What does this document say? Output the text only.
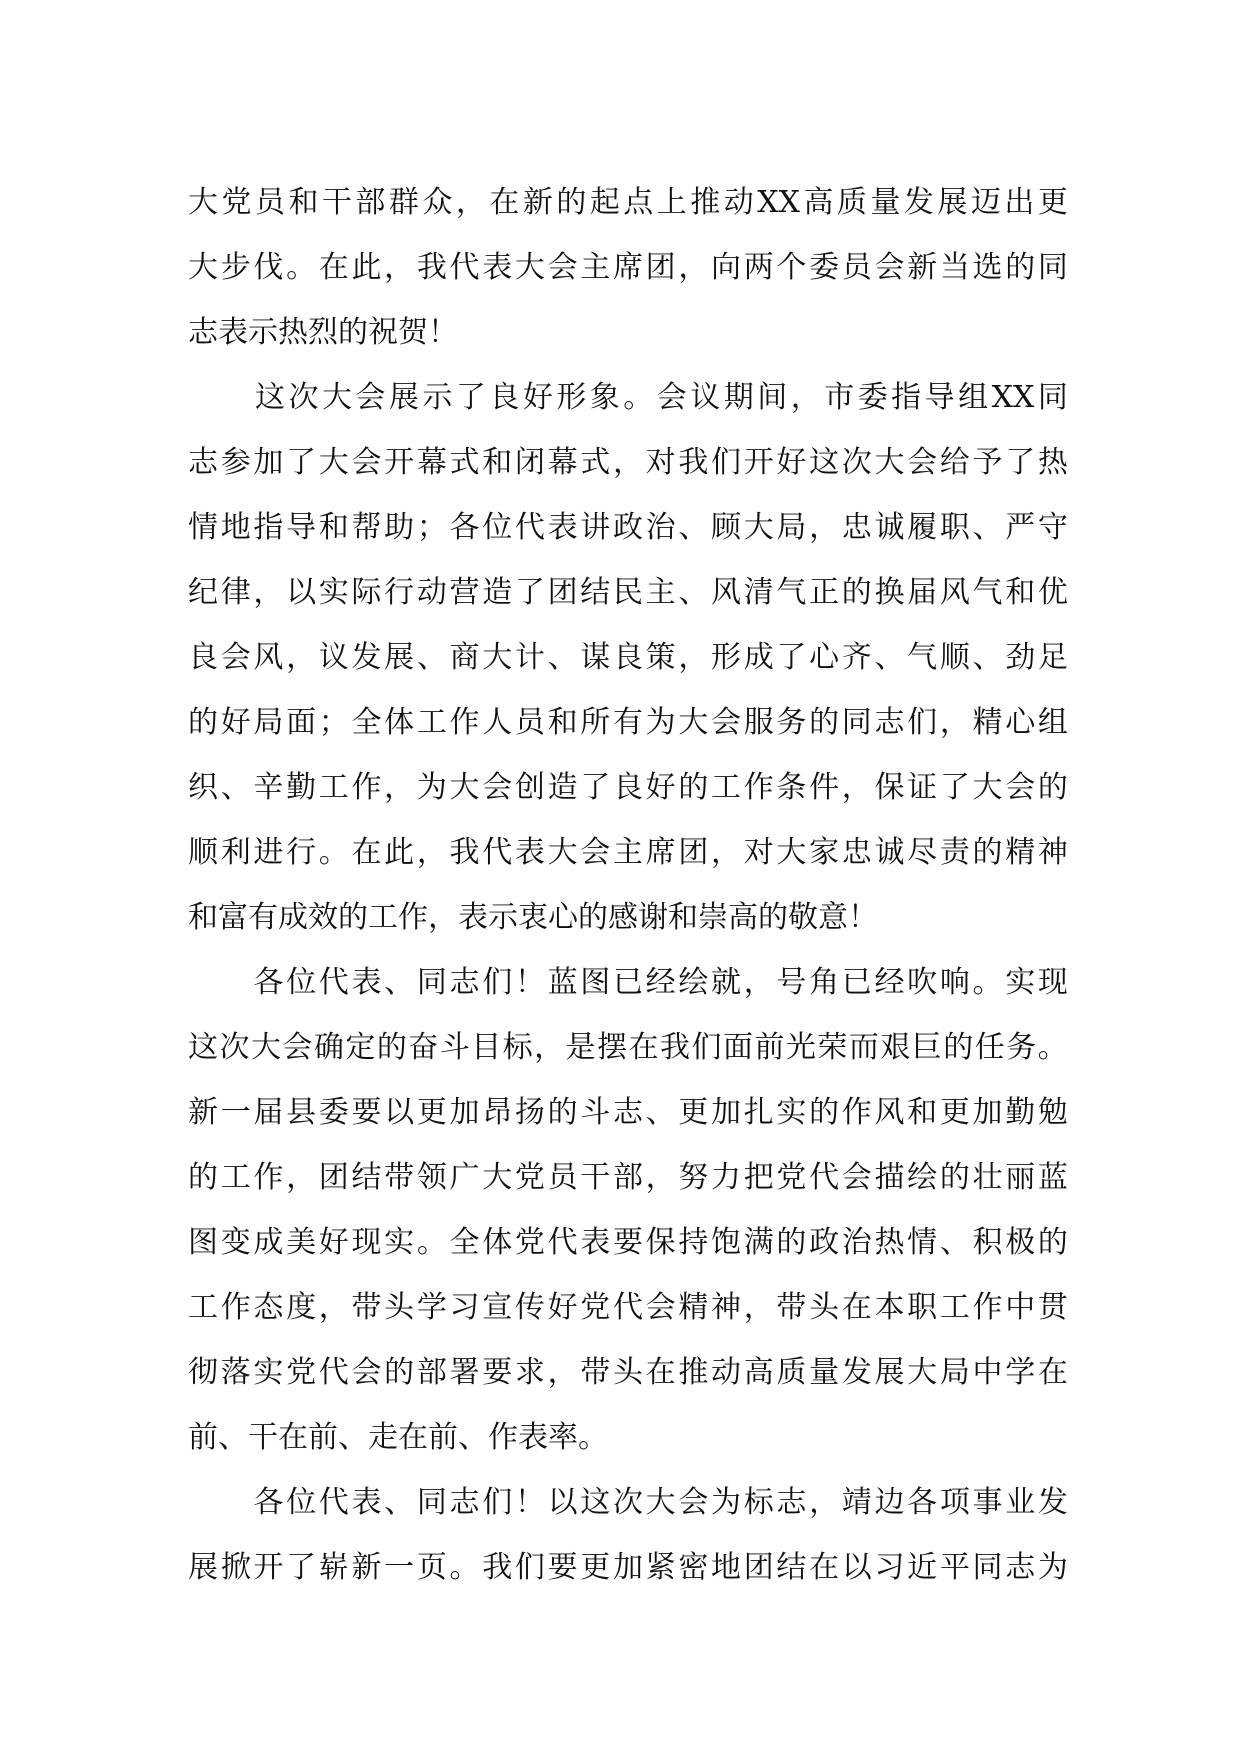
大 党 员 和 干 部 群 众 ， 在 新 的 起 点 上 推 动 XX 高 质 量 发 展 迈 出 更
大 步 伐 。 在 此 ， 我 代 表 大 会 主 席 团 ， 向 两 个 委 员 会 新 当 选 的 同
志 表 示 热 烈 的 祝 贺 ！

这 次 大 会 展 示 了 良 好 形 象 。 会 议 期 间 ， 市 委 指 导 组 XX 同
志 参 加 了 大 会 开 幕 式 和 闭 幕 式 ， 对 我 们 开 好 这 次 大 会 给 予 了 热
情 地 指 导 和 帮 助 ； 各 位 代 表 讲 政 治 、 顾 大 局 ， 忠 诚 履 职 、 严 守
纪 律 ， 以 实 际 行 动 营 造 了 团 结 民 主 、 风 清 气 正 的 换 届 风 气 和 优
良 会 风 ， 议 发 展 、 商 大 计 、 谋 良 策 ， 形 成 了 心 齐 、 气 顺 、 劲 足
的 好 局 面 ； 全 体 工 作 人 员 和 所 有 为 大 会 服 务 的 同 志 们 ， 精 心 组
织 、 辛 勤 工 作 ， 为 大 会 创 造 了 良 好 的 工 作 条 件 ， 保 证 了 大 会 的
顺 利 进 行 。 在 此 ， 我 代 表 大 会 主 席 团 ， 对 大 家 忠 诚 尽 责 的 精 神
和 富 有 成 效 的 工 作 ， 表 示 衷 心 的 感 谢 和 崇 高 的 敬 意 ！

各 位 代 表 、 同 志 们 ！ 蓝 图 已 经 绘 就 ， 号 角 已 经 吹 响 。 实 现
这 次 大 会 确 定 的 奋 斗 目 标 ， 是 摆 在 我 们 面 前 光 荣 而 艰 巨 的 任 务 。
新 一 届 县 委 要 以 更 加 昂 扬 的 斗 志 、 更 加 扎 实 的 作 风 和 更 加 勤 勉
的 工 作 ， 团 结 带 领 广 大 党 员 干 部 ， 努 力 把 党 代 会 描 绘 的 壮 丽 蓝
图 变 成 美 好 现 实 。 全 体 党 代 表 要 保 持 饱 满 的 政 治 热 情 、 积 极 的
工 作 态 度 ， 带 头 学 习 宣 传 好 党 代 会 精 神 ， 带 头 在 本 职 工 作 中 贯
彻 落 实 党 代 会 的 部 署 要 求 ， 带 头 在 推 动 高 质 量 发 展 大 局 中 学 在
前 、 干 在 前 、 走 在 前 、 作 表 率 。

各 位 代 表 、 同 志 们 ！ 以 这 次 大 会 为 标 志 ， 靖 边 各 项 事 业 发
展 掀 开 了 崭 新 一 页 。 我 们 要 更 加 紧 密 地 团 结 在 以 习 近 平 同 志 为
